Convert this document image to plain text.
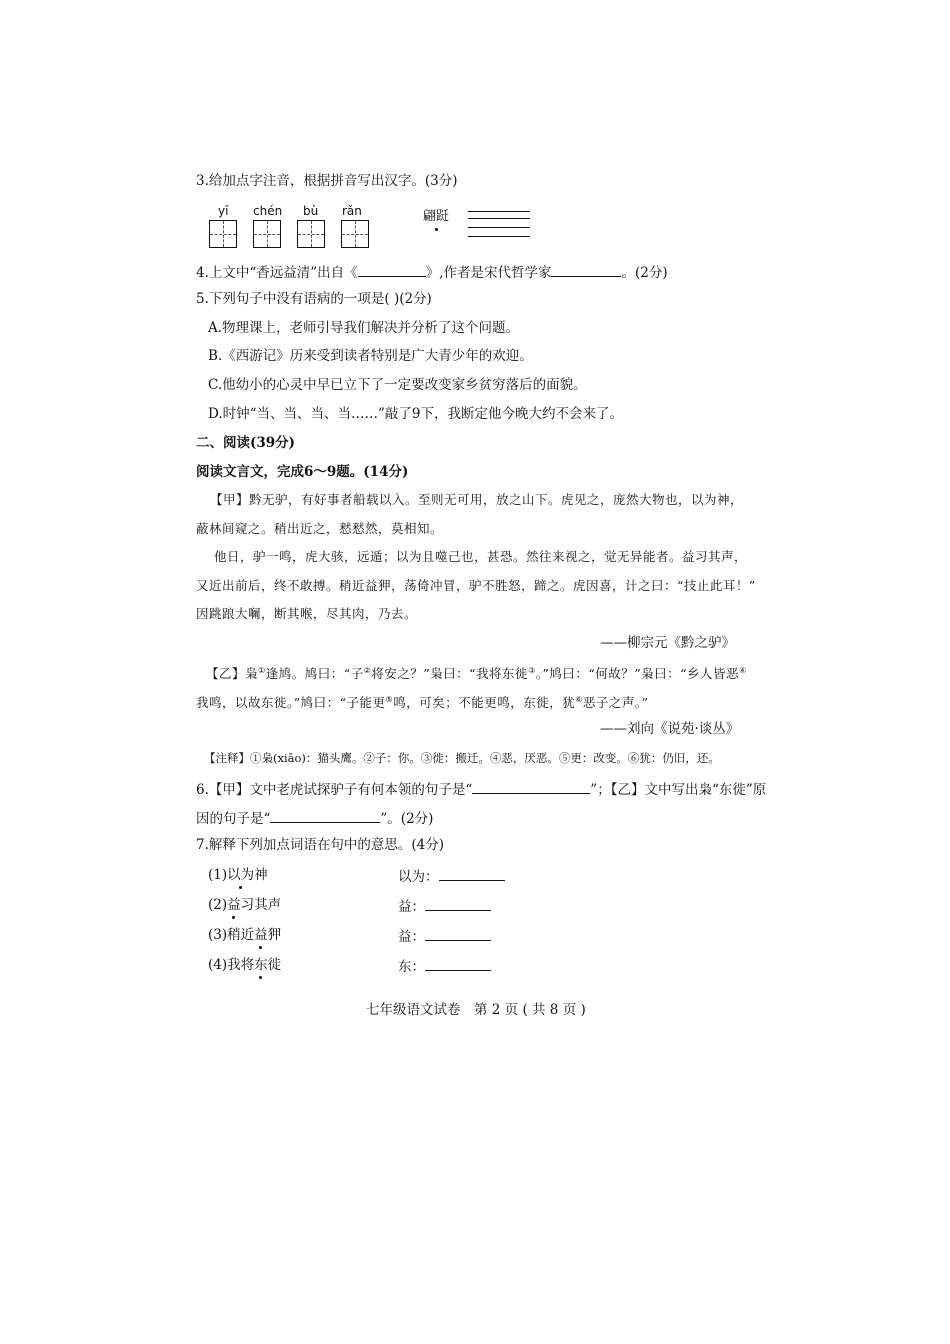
3.给加点字注音，根据拼音写出汉字。(3分)
yī chén bù rǎn	翩跹
4.上文中“香远益清”出自《	》,作者是宋代哲学家	。(2分)
5.下列句子中没有语病的一项是( )(2分)
A.物理课上，老师引导我们解决并分析了这个问题。
B.《西游记》历来受到读者特别是广大青少年的欢迎。
C.他幼小的心灵中早已立下了一定要改变家乡贫穷落后的面貌。
D.时钟“当、当、当、当……”敲了9下，我断定他今晚大约不会来了。
二、阅读(39分)
阅读文言文，完成6～9题。(14分)
【甲】黔无驴，有好事者船载以入。至则无可用，放之山下。虎见之，庞然大物也，以为神，
蔽林间窥之。稍出近之，慭慭然，莫相知。
他日，驴一鸣，虎大骇，远遁；以为且噬己也，甚恐。然往来视之，觉无异能者。益习其声，
又近出前后，终不敢搏。稍近益狎，荡倚冲冒，驴不胜怒，蹄之。虎因喜，计之曰：“技止此耳！”
因跳踉大㘎，断其喉，尽其肉，乃去。
——柳宗元《黔之驴》
【乙】枭①逢鸠。鸠曰：“子②将安之？”枭曰：“我将东徙③。”鸠曰：“何故？”枭曰：“乡人皆恶④
我鸣，以故东徙。”鸠曰：“子能更⑤鸣，可矣；不能更鸣，东徙，犹⑥恶子之声。”
——刘向《说苑·谈丛》
【注释】①枭(xiāo)：猫头鹰。②子：你。③徙：搬迁。④恶，厌恶。⑤更：改变。⑥犹：仍旧，还。
6.【甲】文中老虎试探驴子有何本领的句子是“	”；【乙】文中写出枭“东徙”原
因的句子是“	”。(2分)
7.解释下列加点词语在句中的意思。(4分)
(1)以为神	以为：
(2)益习其声	益：
(3)稍近益狎	益：
(4)我将东徙	东：
七年级语文试卷　第 2 页 ( 共 8 页 )
